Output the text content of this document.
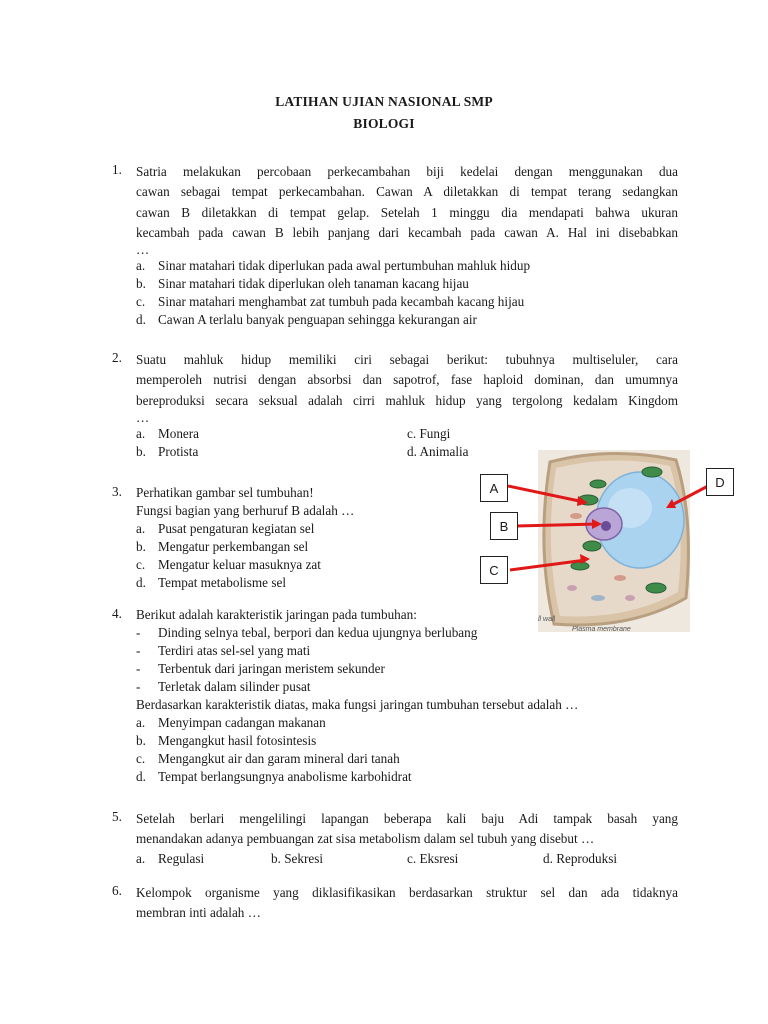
LATIHAN UJIAN NASIONAL SMP
BIOLOGI
1. Satria melakukan percobaan perkecambahan biji kedelai dengan menggunakan dua
cawan sebagai tempat perkecambahan. Cawan A diletakkan di tempat terang sedangkan
cawan B diletakkan di tempat gelap. Setelah 1 minggu dia mendapati bahwa ukuran
kecambah pada cawan B lebih panjang dari kecambah pada cawan A. Hal ini disebabkan
…
a. Sinar matahari tidak diperlukan pada awal pertumbuhan mahluk hidup
b. Sinar matahari tidak diperlukan oleh tanaman kacang hijau
c. Sinar matahari menghambat zat tumbuh pada kecambah kacang hijau
d. Cawan A terlalu banyak penguapan sehingga kekurangan air
2. Suatu mahluk hidup memiliki ciri sebagai berikut: tubuhnya multiseluler, cara
memperoleh nutrisi dengan absorbsi dan sapotrof, fase haploid dominan, dan umumnya
bereproduksi secara seksual adalah cirri mahluk hidup yang tergolong kedalam Kingdom
…
a. Monera	c. Fungi
b. Protista	d. Animalia
3. Perhatikan gambar sel tumbuhan!
Fungsi bagian yang berhuruf B adalah …
a. Pusat pengaturan kegiatan sel
b. Mengatur perkembangan sel
c. Mengatur keluar masuknya zat
d. Tempat metabolisme sel
4. Berikut adalah karakteristik jaringan pada tumbuhan:
- Dinding selnya tebal, berpori dan kedua ujungnya berlubang
- Terdiri atas sel-sel yang mati
- Terbentuk dari jaringan meristem sekunder
- Terletak dalam silinder pusat
Berdasarkan karakteristik diatas, maka fungsi jaringan tumbuhan tersebut adalah …
a. Menyimpan cadangan makanan
b. Mengangkut hasil fotosintesis
c. Mengangkut air dan garam mineral dari tanah
d. Tempat berlangsungnya anabolisme karbohidrat
5. Setelah berlari mengelilingi lapangan beberapa kali baju Adi tampak basah yang
menandakan adanya pembuangan zat sisa metabolism dalam sel tubuh yang disebut …
a. Regulasi	b. Sekresi	c. Eksresi	d. Reproduksi
6. Kelompok organisme yang diklasifikasikan berdasarkan struktur sel dan ada tidaknya
membran inti adalah …
ll wall
Plasma membrane
A
B
C
D
